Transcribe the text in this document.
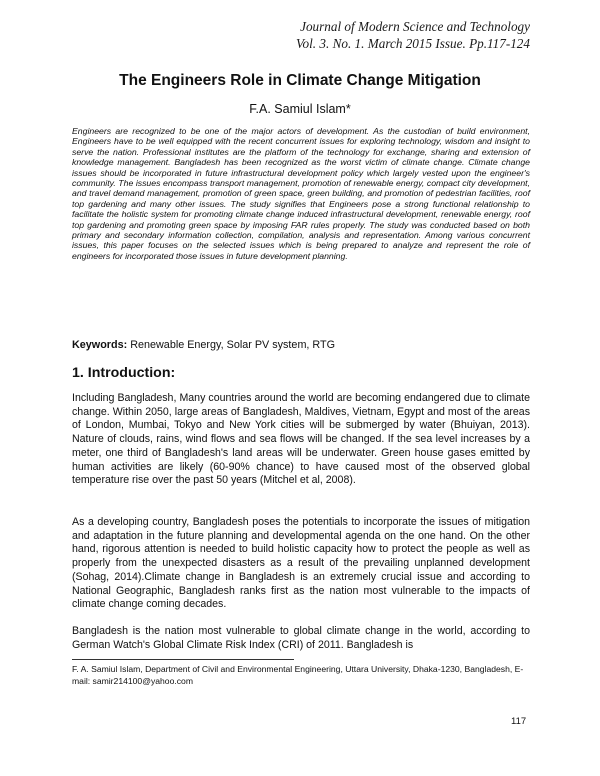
Journal of Modern Science and Technology
Vol. 3. No. 1. March 2015 Issue. Pp.117-124
The Engineers Role in Climate Change Mitigation
F.A. Samiul Islam*

Engineers are recognized to be one of the major actors of development. As the custodian of build environment, Engineers have to be well equipped with the recent concurrent issues for exploring technology, wisdom and insight to serve the nation. Professional institutes are the platform of the technology for exchange, sharing and extension of knowledge management. Bangladesh has been recognized as the worst victim of climate change. Climate change issues should be incorporated in future infrastructural development policy which largely vested upon the engineer's community. The issues encompass transport management, promotion of renewable energy, compact city development, and travel demand management, promotion of green space, green building, and promotion of pedestrian facilities, roof top gardening and many other issues. The study signifies that Engineers pose a strong functional relationship to facilitate the holistic system for promoting climate change induced infrastructural development, renewable energy, roof top gardening and promoting green space by imposing FAR rules properly. The study was conducted based on both primary and secondary information collection, compilation, analysis and representation. Among various concurrent issues, this paper focuses on the selected issues which is being prepared to analyze and represent the role of engineers for incorporated those issues in future development planning.

Keywords: Renewable Energy, Solar PV system, RTG
1. Introduction:

Including Bangladesh, Many countries around the world are becoming endangered due to climate change. Within 2050, large areas of Bangladesh, Maldives, Vietnam, Egypt and most of the areas of London, Mumbai, Tokyo and New York cities will be submerged by water (Bhuiyan, 2013). Nature of clouds, rains, wind flows and sea flows will be changed. If the sea level increases by a meter, one third of Bangladesh's land areas will be underwater. Green house gases emitted by human activities are likely (60-90% chance) to have caused most of the observed global temperature rise over the past 50 years (Mitchel et al, 2008).

As a developing country, Bangladesh poses the potentials to incorporate the issues of mitigation and adaptation in the future planning and developmental agenda on the one hand. On the other hand, rigorous attention is needed to build holistic capacity how to protect the people as well as properly from the unexpected disasters as a result of the prevailing unplanned development (Sohag, 2014).Climate change in Bangladesh is an extremely crucial issue and according to National Geographic, Bangladesh ranks first as the nation most vulnerable to the impacts of climate change coming decades.

Bangladesh is the nation most vulnerable to global climate change in the world, according to German Watch's Global Climate Risk Index (CRI) of 2011. Bangladesh is

F. A. Samiul Islam, Department of Civil and Environmental Engineering, Uttara University, Dhaka-1230, Bangladesh, E-mail: samir214100@yahoo.com

117
